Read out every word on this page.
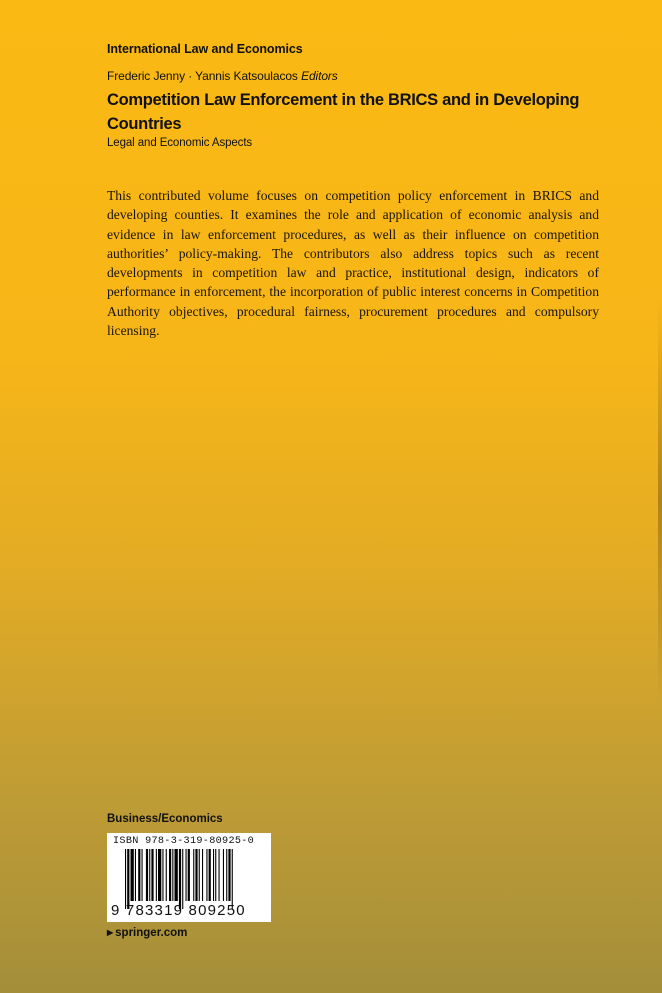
International Law and Economics
Frederic Jenny · Yannis Katsoulacos Editors
Competition Law Enforcement in the BRICS and in Developing Countries
Legal and Economic Aspects
This contributed volume focuses on competition policy enforcement in BRICS and developing counties. It examines the role and application of economic analysis and evidence in law enforcement procedures, as well as their influence on competition authorities’ policy-making. The contributors also address topics such as recent developments in competition law and practice, institutional design, indicators of performance in enforcement, the incorporation of public interest concerns in Competition Authority objectives, procedural fairness, procurement procedures and compulsory licensing.
Business/Economics
ISBN 978-3-319-80925-0
9 783319 809250
▶ springer.com
